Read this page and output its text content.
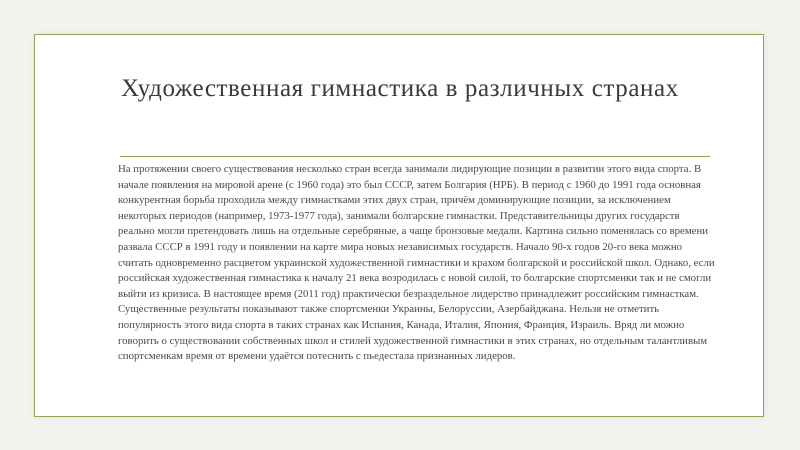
Художественная гимнастика в различных странах

На протяжении своего существования несколько стран всегда занимали лидирующие позиции в развитии этого вида спорта. В начале появления на мировой арене (с 1960 года) это был СССР, затем Болгария (НРБ). В период с 1960 до 1991 года основная конкурентная борьба проходила между гимнастками этих двух стран, причём доминирующие позиции, за исключением некоторых периодов (например, 1973-1977 года), занимали болгарские гимнастки. Представительницы других государств реально могли претендовать лишь на отдельные серебряные, а чаще бронзовые медали. Картина сильно поменялась со времени развала СССР в 1991 году и появлении на карте мира новых независимых государств. Начало 90-х годов 20-го века можно считать одновременно расцветом украинской художественной гимнастики и крахом болгарской и российской школ. Однако, если российская художественная гимнастика к началу 21 века возродилась с новой силой, то болгарские спортсменки так и не смогли выйти из кризиса. В настоящее время (2011 год) практически безраздельное лидерство принадлежит российским гимнасткам. Существенные результаты показывают также спортсменки Украины, Белоруссии, Азербайджана. Нельзя не отметить популярность этого вида спорта в таких странах как Испания, Канада, Италия, Япония, Франция, Израиль. Вряд ли можно говорить о существовании собственных школ и стилей художественной гимнастики в этих странах, но отдельным талантливым спортсменкам время от времени удаётся потеснить с пьедестала признанных лидеров.
